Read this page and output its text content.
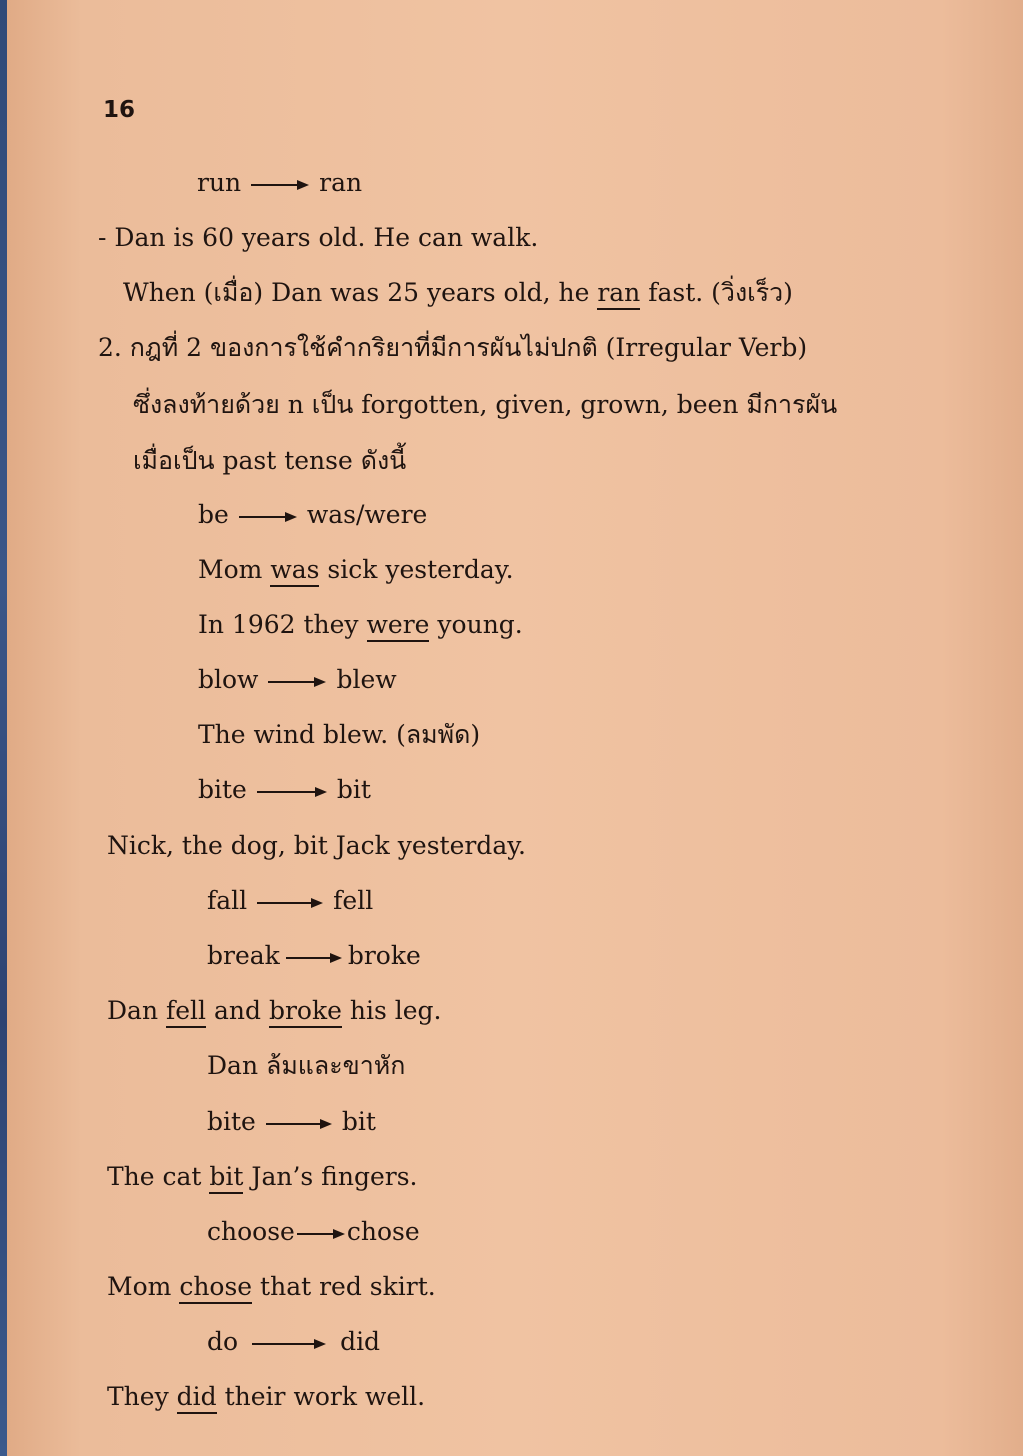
16
run	ran
- Dan is 60 years old. He can walk.
When (เมื่อ) Dan was 25 years old, he ran fast. (วิ่งเร็ว)
2. กฎที่ 2 ของการใช้คำกริยาที่มีการผันไม่ปกติ (Irregular Verb)
ซึ่งลงท้ายด้วย n เป็น forgotten, given, grown, been มีการผัน
เมื่อเป็น past tense ดังนี้
be	was/were
Mom was sick yesterday.
In 1962 they were young.
blow	blew
The wind blew. (ลมพัด)
bite	bit
Nick, the dog, bit Jack yesterday.
fall	fell
break	broke
Dan fell and broke his leg.
Dan ล้มและขาหัก
bite	bit
The cat bit Jan’s fingers.
choose chose
Mom chose that red skirt.
do	did
They did their work well.
